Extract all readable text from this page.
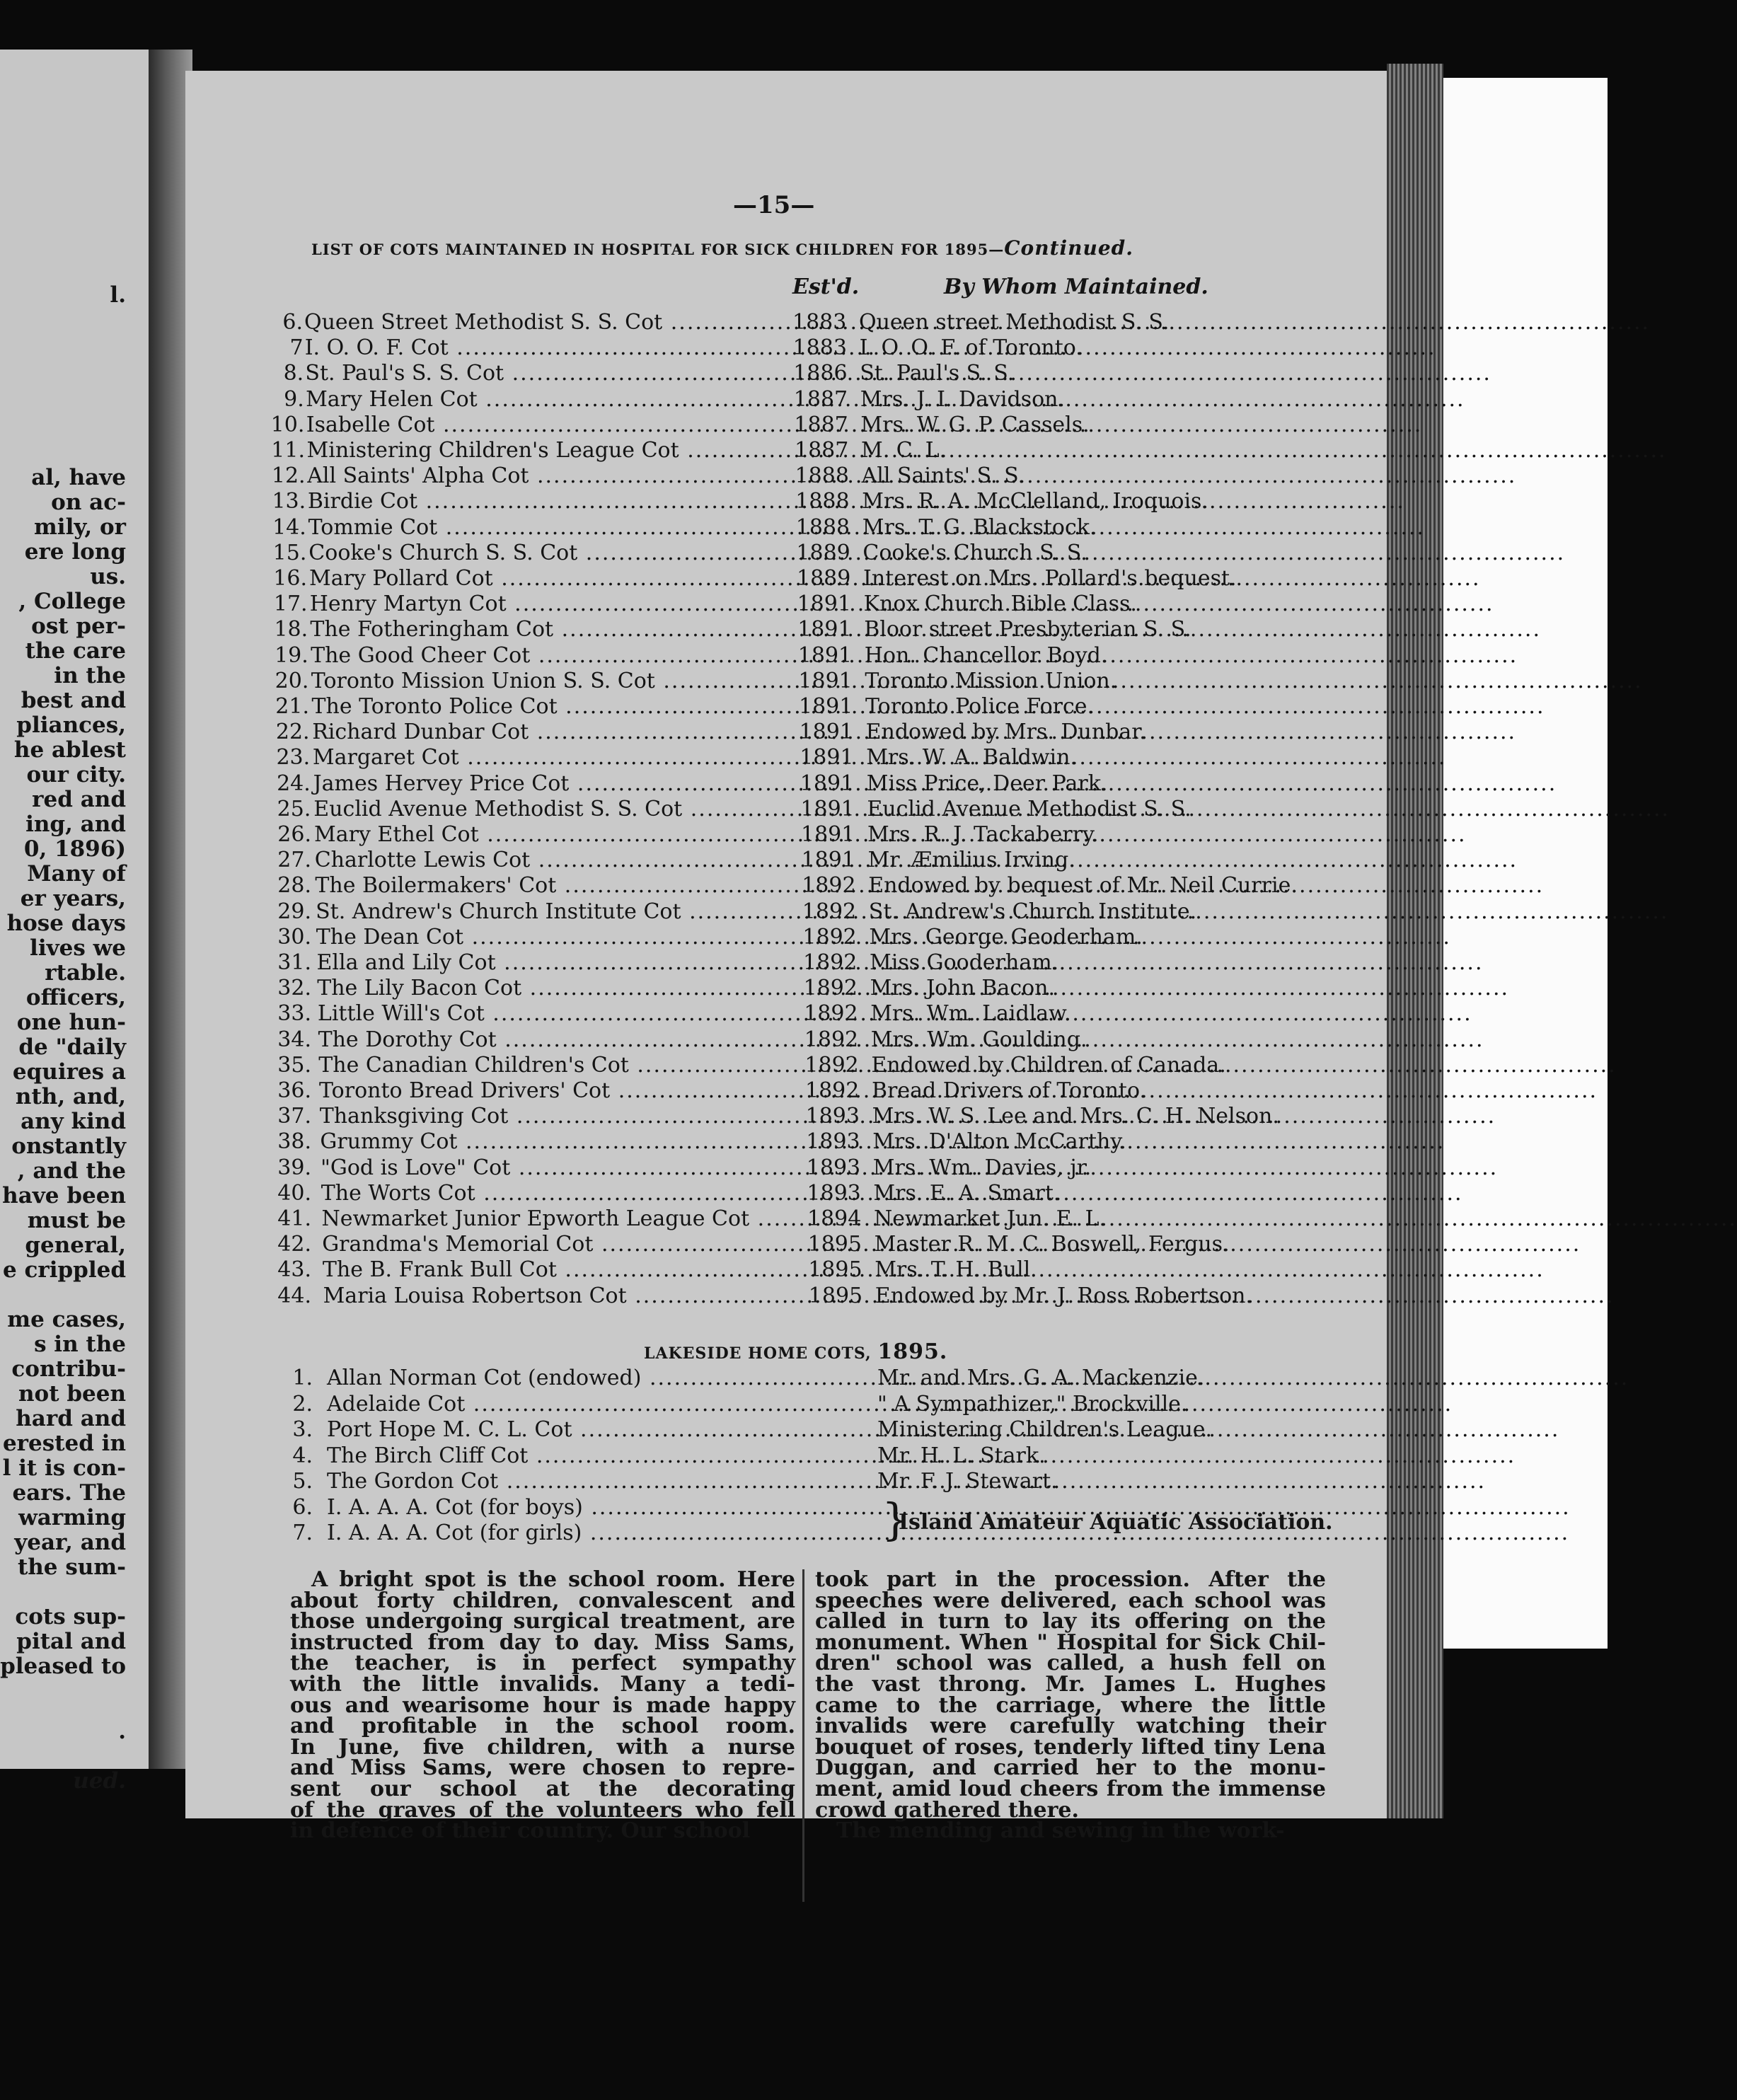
l.
al, have
on ac-
mily, or
ere long
us.
, College
ost per-
the care
in the
best and
pliances,
he ablest
our city.
red and
ing, and
0, 1896)
Many of
er years,
hose days
lives we
rtable.
officers,
one hun-
de "daily
equires a
nth, and,
any kind
onstantly
, and the
have been
must be
general,
e crippled
me cases,
s in the
contribu-
not been
hard and
erested in
l it is con-
ears. The
warming
year, and
the sum-
cots sup-
pital and
pleased to
.
ued.
—15—
LIST OF COTS MAINTAINED IN HOSPITAL FOR SICK CHILDREN FOR 1895—Continued.
Est'd.	By Whom Maintained.
6. Queen Street Methodist S. S. Cot .....	1883 Queen street Methodist S. S.
7 I. O. O. F. Cot .....	1883 I. O. O. F. of Toronto.
8. St. Paul's S. S. Cot .....	1886 St. Paul's S. S.
9. Mary Helen Cot .....	1887 Mrs. J. I. Davidson.
10. Isabelle Cot .....	1887 Mrs. W. G. P. Cassels.
11. Ministering Children's League Cot .....	1887 M. C. L.
12. All Saints' Alpha Cot .....	1888 All Saints' S. S.
13. Birdie Cot .....	1888 Mrs. R. A. McClelland, Iroquois.
14. Tommie Cot .....	1888 Mrs. T. G. Blackstock.
15. Cooke's Church S. S. Cot .....	1889 Cooke's Church S. S.
16. Mary Pollard Cot .....	1889 Interest on Mrs. Pollard's bequest.
17. Henry Martyn Cot .....	1891 Knox Church Bible Class.
18. The Fotheringham Cot .....	1891 Bloor street Presbyterian S. S.
19. The Good Cheer Cot .....	1891 Hon. Chancellor Boyd.
20. Toronto Mission Union S. S. Cot .....	1891 Toronto Mission Union.
21. The Toronto Police Cot .....	1891 Toronto Police Force.
22. Richard Dunbar Cot .....	1891 Endowed by Mrs. Dunbar.
23. Margaret Cot .....	1891 Mrs. W. A. Baldwin.
24. James Hervey Price Cot .....	1891 Miss Price, Deer Park.
25. Euclid Avenue Methodist S. S. Cot .....	1891 Euclid Avenue Methodist S. S.
26. Mary Ethel Cot .....	1891 Mrs. R. J. Tackaberry.
27. Charlotte Lewis Cot .....	1891 Mr. Æmilius Irving.
28. The Boilermakers' Cot .....	1892 Endowed by bequest of Mr. Neil Currie.
29. St. Andrew's Church Institute Cot .....	1892 St. Andrew's Church Institute.
30. The Dean Cot .....	1892 Mrs. George Geoderham.
31. Ella and Lily Cot .....	1892 Miss Gooderham.
32. The Lily Bacon Cot .....	1892 Mrs. John Bacon.
33. Little Will's Cot .....	1892 Mrs. Wm. Laidlaw.
34. The Dorothy Cot .....	1892 Mrs. Wm. Goulding.
35. The Canadian Children's Cot .....	1892 Endowed by Children of Canada.
36. Toronto Bread Drivers' Cot .....	1892 Bread Drivers of Toronto.
37. Thanksgiving Cot .....	1893 Mrs. W. S. Lee and Mrs. C. H. Nelson.
38. Grummy Cot .....	1893 Mrs. D'Alton McCarthy.
39. "God is Love" Cot .....	1893 Mrs. Wm. Davies, jr.
40. The Worts Cot .....	1893 Mrs. E. A. Smart.
41. Newmarket Junior Epworth League Cot .....	1894 Newmarket Jun. E. L.
42. Grandma's Memorial Cot .....	1895 Master R. M. C. Boswell, Fergus.
43. The B. Frank Bull Cot .....	1895 Mrs. T. H. Bull.
44. Maria Louisa Robertson Cot .....	1895 Endowed by Mr. J. Ross Robertson.
LAKESIDE HOME COTS, 1895.
1. Allan Norman Cot (endowed) .....	Mr. and Mrs. G. A. Mackenzie.
2. Adelaide Cot .....	" A Sympathizer," Brockville.
3. Port Hope M. C. L. Cot .....	Ministering Children's League.
4. The Birch Cliff Cot .....	Mr. H. L. Stark.
5. The Gordon Cot .....	Mr. F. J. Stewart.
6. I. A. A. A. Cot (for boys) .....
7. I. A. A. A. Cot (for girls) .....	}
Island Amateur Aquatic Association.
A bright spot is the school room. Here
about forty children, convalescent and
those undergoing surgical treatment, are
instructed from day to day. Miss Sams,
the teacher, is in perfect sympathy
with the little invalids. Many a tedi-
ous and wearisome hour is made happy
and profitable in the school room.
In June, five children, with a nurse
and Miss Sams, were chosen to repre-
sent our school at the decorating
of the graves of the volunteers who fell
in defence of their country. Our school
took part in the procession. After the
speeches were delivered, each school was
called in turn to lay its offering on the
monument. When " Hospital for Sick Chil-
dren" school was called, a hush fell on
the vast throng. Mr. James L. Hughes
came to the carriage, where the little
invalids were carefully watching their
bouquet of roses, tenderly lifted tiny Lena
Duggan, and carried her to the monu-
ment, amid loud cheers from the immense
crowd gathered there.
The mending and sewing in the work-
